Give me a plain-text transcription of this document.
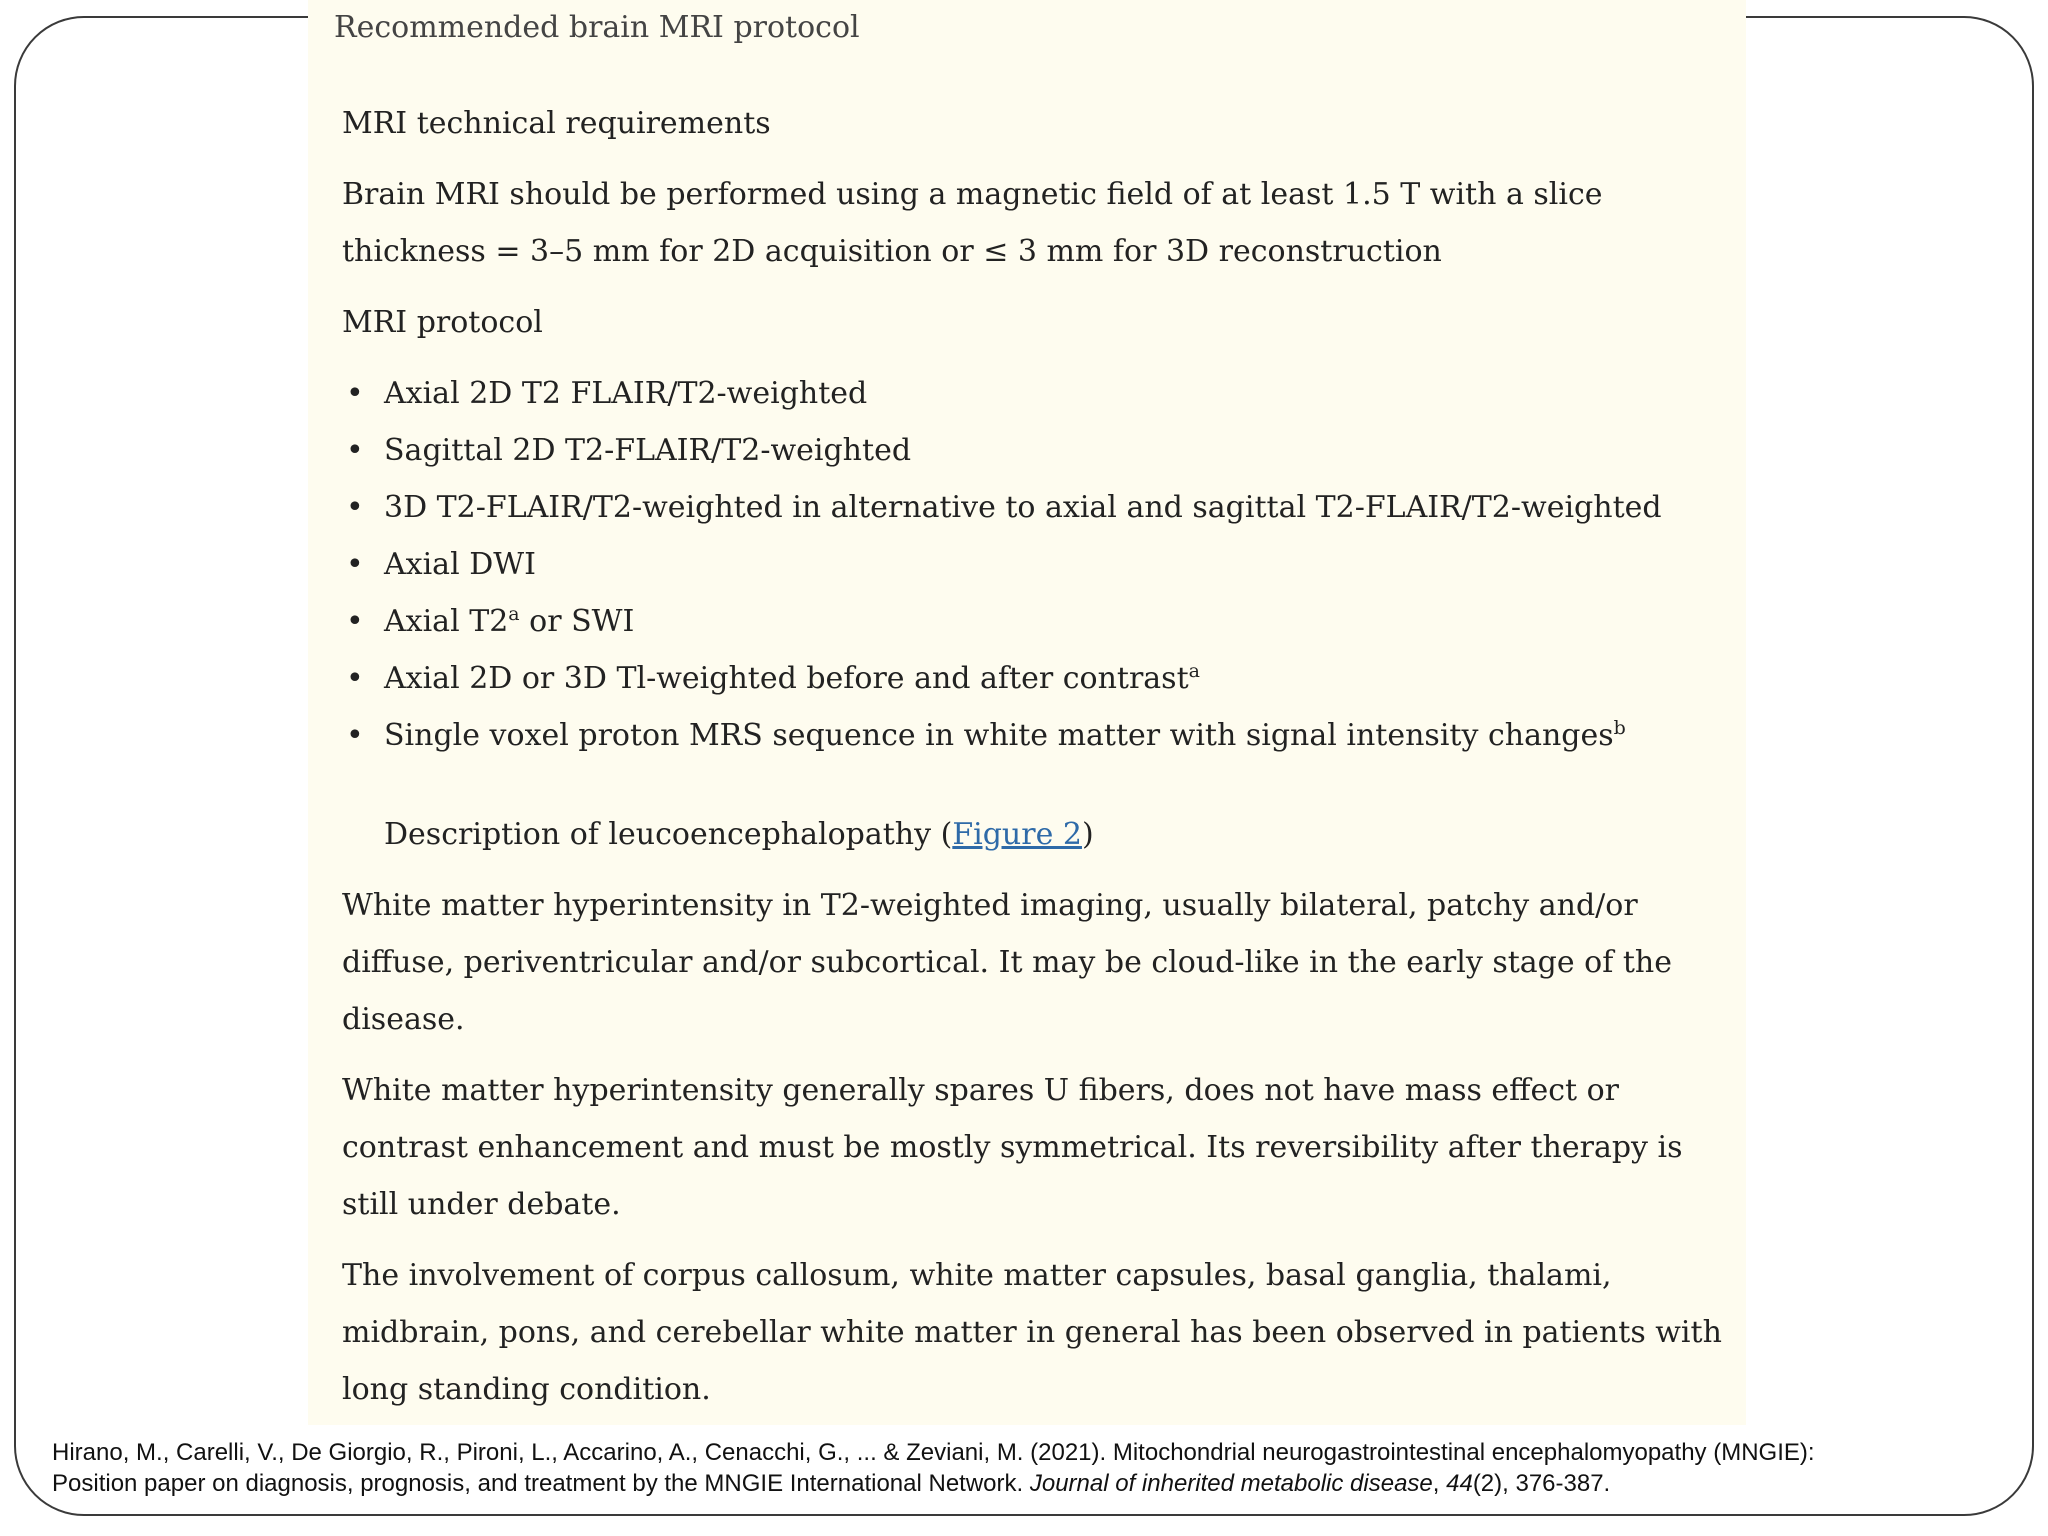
Recommended brain MRI protocol
MRI technical requirements
Brain MRI should be performed using a magnetic field of at least 1.5 T with a slice
thickness = 3–5 mm for 2D acquisition or ≤ 3 mm for 3D reconstruction
MRI protocol
• Axial 2D T2 FLAIR/T2-weighted
• Sagittal 2D T2-FLAIR/T2-weighted
• 3D T2-FLAIR/T2-weighted in alternative to axial and sagittal T2-FLAIR/T2-weighted
• Axial DWI
• Axial T2$^a$ or SWI
• Axial 2D or 3D Tl-weighted before and after contrast$^a$
• Single voxel proton MRS sequence in white matter with signal intensity changes$^b$
Description of leucoencephalopathy (Figure 2)
White matter hyperintensity in T2-weighted imaging, usually bilateral, patchy and/or
diffuse, periventricular and/or subcortical. It may be cloud-like in the early stage of the
disease.
White matter hyperintensity generally spares U fibers, does not have mass effect or
contrast enhancement and must be mostly symmetrical. Its reversibility after therapy is
still under debate.
The involvement of corpus callosum, white matter capsules, basal ganglia, thalami,
midbrain, pons, and cerebellar white matter in general has been observed in patients with
long standing condition.
Hirano, M., Carelli, V., De Giorgio, R., Pironi, L., Accarino, A., Cenacchi, G., ... & Zeviani, M. (2021). Mitochondrial neurogastrointestinal encephalomyopathy (MNGIE):
Position paper on diagnosis, prognosis, and treatment by the MNGIE International Network. Journal of inherited metabolic disease, 44(2), 376-387.
